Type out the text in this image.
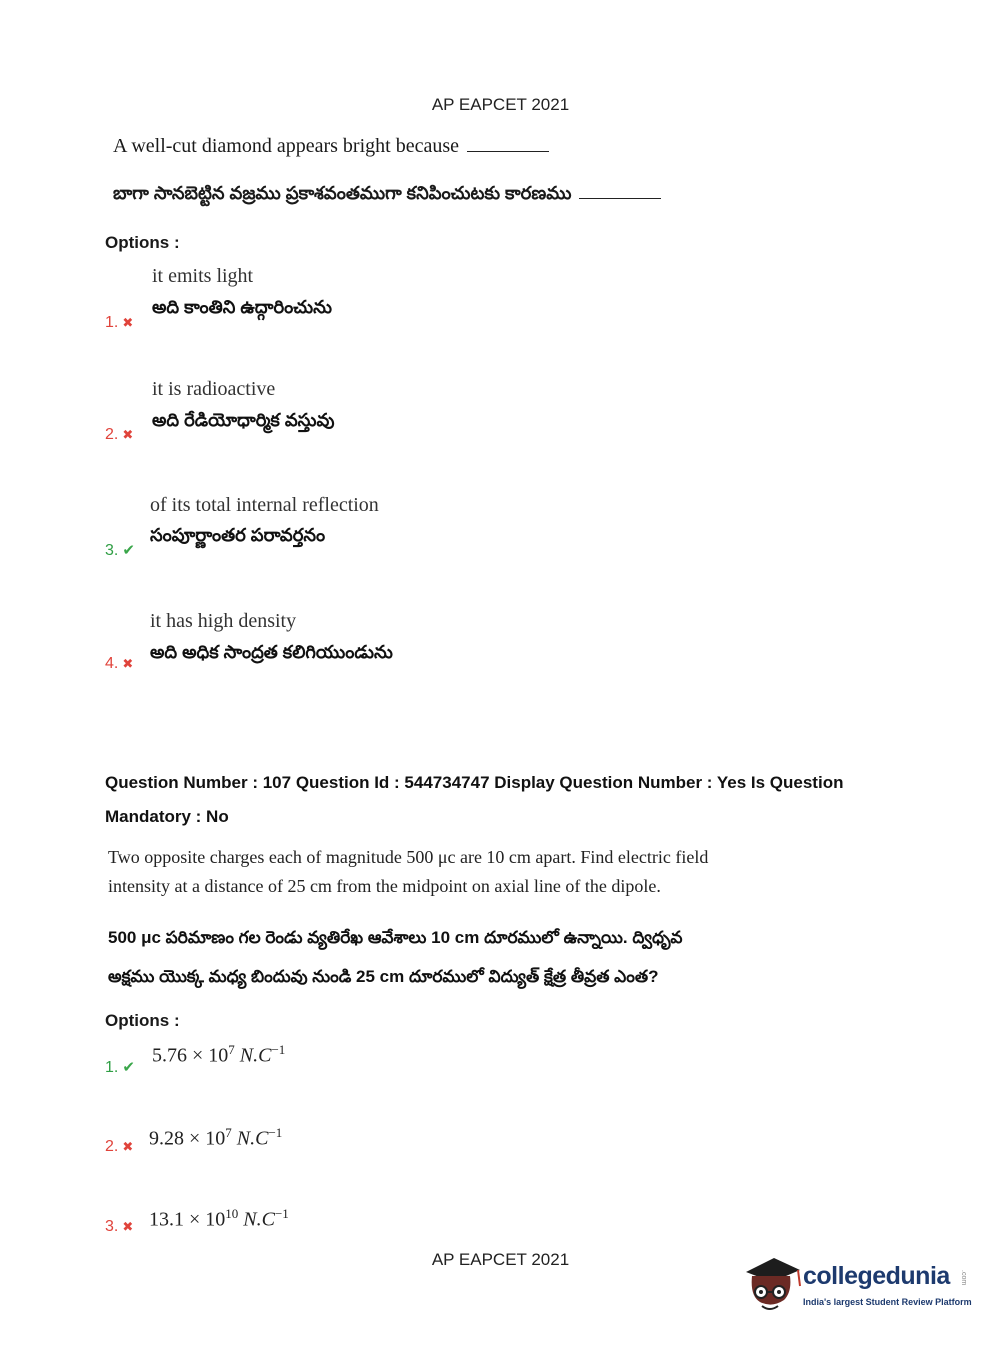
AP EAPCET 2021
A well-cut diamond appears bright because
బాగా సానబెట్టిన వజ్రము ప్రకాశవంతముగా కనిపించుటకు కారణము
Options :
it emits light
అది కాంతిని ఉద్గారించును
1. ✖
it is radioactive
అది రేడియోధార్మిక వస్తువు
2. ✖
of its total internal reflection
సంపూర్ణాంతర పరావర్తనం
3. ✔
it has high density
అది అధిక సాంద్రత కలిగియుండును
4. ✖
Question Number : 107 Question Id : 544734747 Display Question Number : Yes Is Question
Mandatory : No
Two opposite charges each of magnitude 500 μc are 10 cm apart. Find electric field intensity at a distance of 25 cm from the midpoint on axial line of the dipole.
500 μc పరిమాణం గల రెండు వ్యతిరేఖ ఆవేశాలు 10 cm దూరములో ఉన్నాయి. ద్విధృవ అక్షము యొక్క మధ్య బిందువు నుండి 25 cm దూరములో విద్యుత్ క్షేత్ర తీవ్రత ఎంత?
Options :
1. ✔
$5.76 \times 10^7$ $N.C^{-1}$
2. ✖ $9.28 \times 10^7$ $N.C^{-1}$
3. ✖ $13.1 \times 10^{10}$ $N.C^{-1}$
AP EAPCET 2021
collegedunia .com
India's largest Student Review Platform
